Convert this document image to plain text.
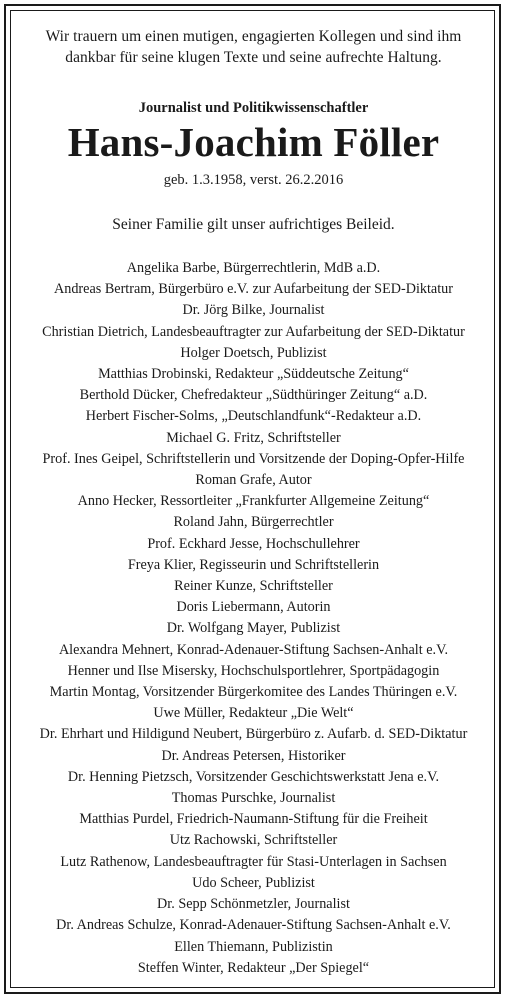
Wir trauern um einen mutigen, engagierten Kollegen und sind ihm
dankbar für seine klugen Texte und seine aufrechte Haltung.

Journalist und Politikwissenschaftler

Hans-Joachim Föller

geb. 1.3.1958, verst. 26.2.2016

Seiner Familie gilt unser aufrichtiges Beileid.

Angelika Barbe, Bürgerrechtlerin, MdB a.D.
Andreas Bertram, Bürgerbüro e.V. zur Aufarbeitung der SED-Diktatur
Dr. Jörg Bilke, Journalist
Christian Dietrich, Landesbeauftragter zur Aufarbeitung der SED-Diktatur
Holger Doetsch, Publizist
Matthias Drobinski, Redakteur „Süddeutsche Zeitung“
Berthold Dücker, Chefredakteur „Südthüringer Zeitung“ a.D.
Herbert Fischer-Solms, „Deutschlandfunk“-Redakteur a.D.
Michael G. Fritz, Schriftsteller
Prof. Ines Geipel, Schriftstellerin und Vorsitzende der Doping-Opfer-Hilfe
Roman Grafe, Autor
Anno Hecker, Ressortleiter „Frankfurter Allgemeine Zeitung“
Roland Jahn, Bürgerrechtler
Prof. Eckhard Jesse, Hochschullehrer
Freya Klier, Regisseurin und Schriftstellerin
Reiner Kunze, Schriftsteller
Doris Liebermann, Autorin
Dr. Wolfgang Mayer, Publizist
Alexandra Mehnert, Konrad-Adenauer-Stiftung Sachsen-Anhalt e.V.
Henner und Ilse Misersky, Hochschulsportlehrer, Sportpädagogin
Martin Montag, Vorsitzender Bürgerkomitee des Landes Thüringen e.V.
Uwe Müller, Redakteur „Die Welt“
Dr. Ehrhart und Hildigund Neubert, Bürgerbüro z. Aufarb. d. SED-Diktatur
Dr. Andreas Petersen, Historiker
Dr. Henning Pietzsch, Vorsitzender Geschichtswerkstatt Jena e.V.
Thomas Purschke, Journalist
Matthias Purdel, Friedrich-Naumann-Stiftung für die Freiheit
Utz Rachowski, Schriftsteller
Lutz Rathenow, Landesbeauftragter für Stasi-Unterlagen in Sachsen
Udo Scheer, Publizist
Dr. Sepp Schönmetzler, Journalist
Dr. Andreas Schulze, Konrad-Adenauer-Stiftung Sachsen-Anhalt e.V.
Ellen Thiemann, Publizistin
Steffen Winter, Redakteur „Der Spiegel“
